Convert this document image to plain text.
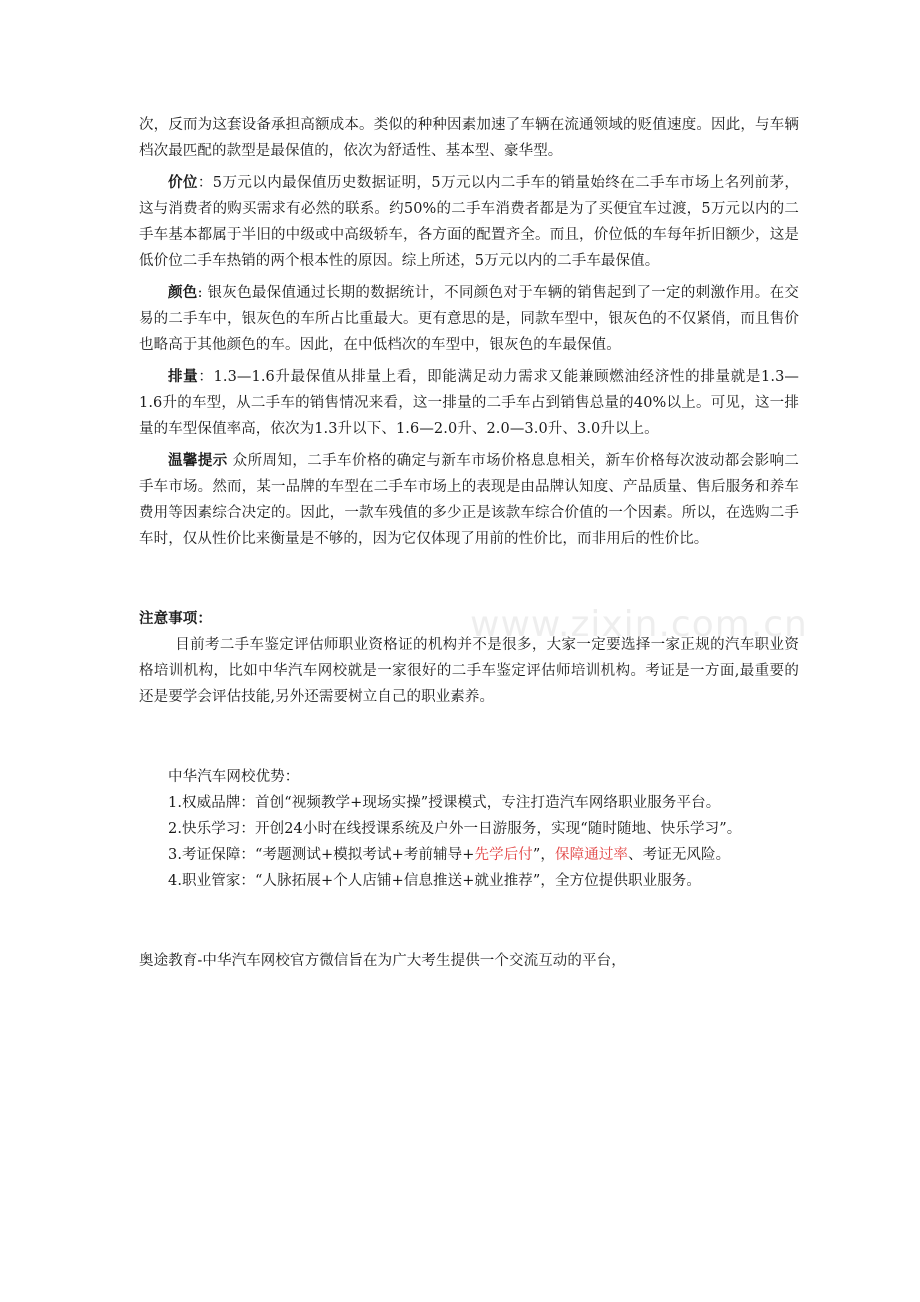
www.zixin.com.cn

次，反而为这套设备承担高额成本。类似的种种因素加速了车辆在流通领域的贬值速度。因此，与车辆档次最匹配的款型是最保值的，依次为舒适性、基本型、豪华型。

价位：5万元以内最保值历史数据证明，5万元以内二手车的销量始终在二手车市场上名列前茅，这与消费者的购买需求有必然的联系。约50%的二手车消费者都是为了买便宜车过渡，5万元以内的二手车基本都属于半旧的中级或中高级轿车，各方面的配置齐全。而且，价位低的车每年折旧额少，这是低价位二手车热销的两个根本性的原因。综上所述，5万元以内的二手车最保值。

颜色: 银灰色最保值通过长期的数据统计，不同颜色对于车辆的销售起到了一定的刺激作用。在交易的二手车中，银灰色的车所占比重最大。更有意思的是，同款车型中，银灰色的不仅紧俏，而且售价也略高于其他颜色的车。因此，在中低档次的车型中，银灰色的车最保值。

排量：1.3—1.6升最保值从排量上看，即能满足动力需求又能兼顾燃油经济性的排量就是1.3—1.6升的车型，从二手车的销售情况来看，这一排量的二手车占到销售总量的40%以上。可见，这一排量的车型保值率高，依次为1.3升以下、1.6—2.0升、2.0—3.0升、3.0升以上。

温馨提示 众所周知，二手车价格的确定与新车市场价格息息相关，新车价格每次波动都会影响二手车市场。然而，某一品牌的车型在二手车市场上的表现是由品牌认知度、产品质量、售后服务和养车费用等因素综合决定的。因此，一款车残值的多少正是该款车综合价值的一个因素。所以，在选购二手车时，仅从性价比来衡量是不够的，因为它仅体现了用前的性价比，而非用后的性价比。

注意事项：

目前考二手车鉴定评估师职业资格证的机构并不是很多，大家一定要选择一家正规的汽车职业资格培训机构，比如中华汽车网校就是一家很好的二手车鉴定评估师培训机构。考证是一方面,最重要的还是要学会评估技能,另外还需要树立自己的职业素养。

中华汽车网校优势：

1.权威品牌：首创“视频教学+现场实操”授课模式，专注打造汽车网络职业服务平台。

2.快乐学习：开创24小时在线授课系统及户外一日游服务，实现“随时随地、快乐学习”。

3.考证保障：“考题测试+模拟考试+考前辅导+先学后付”，保障通过率、考证无风险。

4.职业管家：“人脉拓展+个人店铺+信息推送+就业推荐”，全方位提供职业服务。

奥途教育-中华汽车网校官方微信旨在为广大考生提供一个交流互动的平台，
